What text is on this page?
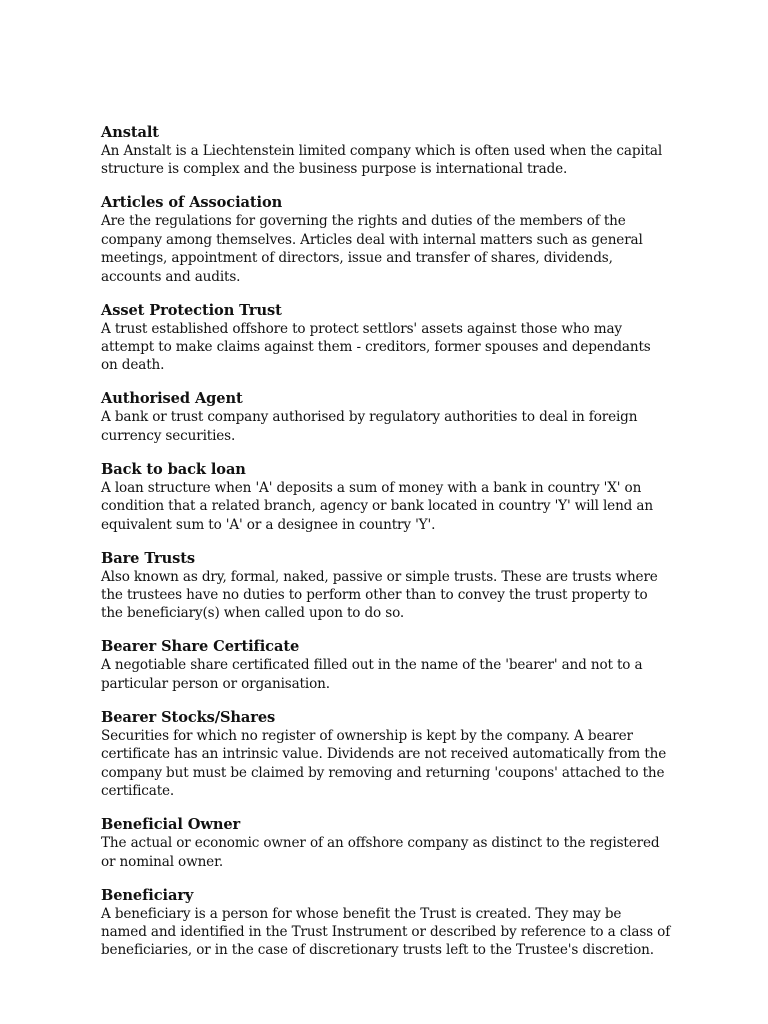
Anstalt

An Anstalt is a Liechtenstein limited company which is often used when the capital structure is complex and the business purpose is international trade.

Articles of Association

Are the regulations for governing the rights and duties of the members of the company among themselves. Articles deal with internal matters such as general meetings, appointment of directors, issue and transfer of shares, dividends, accounts and audits.

Asset Protection Trust

A trust established offshore to protect settlors' assets against those who may attempt to make claims against them - creditors, former spouses and dependants on death.

Authorised Agent

A bank or trust company authorised by regulatory authorities to deal in foreign currency securities.

Back to back loan

A loan structure when 'A' deposits a sum of money with a bank in country 'X' on condition that a related branch, agency or bank located in country 'Y' will lend an equivalent sum to 'A' or a designee in country 'Y'.

Bare Trusts

Also known as dry, formal, naked, passive or simple trusts. These are trusts where the trustees have no duties to perform other than to convey the trust property to the beneficiary(s) when called upon to do so.

Bearer Share Certificate

A negotiable share certificated filled out in the name of the 'bearer' and not to a particular person or organisation.

Bearer Stocks/Shares

Securities for which no register of ownership is kept by the company. A bearer certificate has an intrinsic value. Dividends are not received automatically from the company but must be claimed by removing and returning 'coupons' attached to the certificate.

Beneficial Owner

The actual or economic owner of an offshore company as distinct to the registered or nominal owner.

Beneficiary

A beneficiary is a person for whose benefit the Trust is created. They may be named and identified in the Trust Instrument or described by reference to a class of beneficiaries, or in the case of discretionary trusts left to the Trustee's discretion.
